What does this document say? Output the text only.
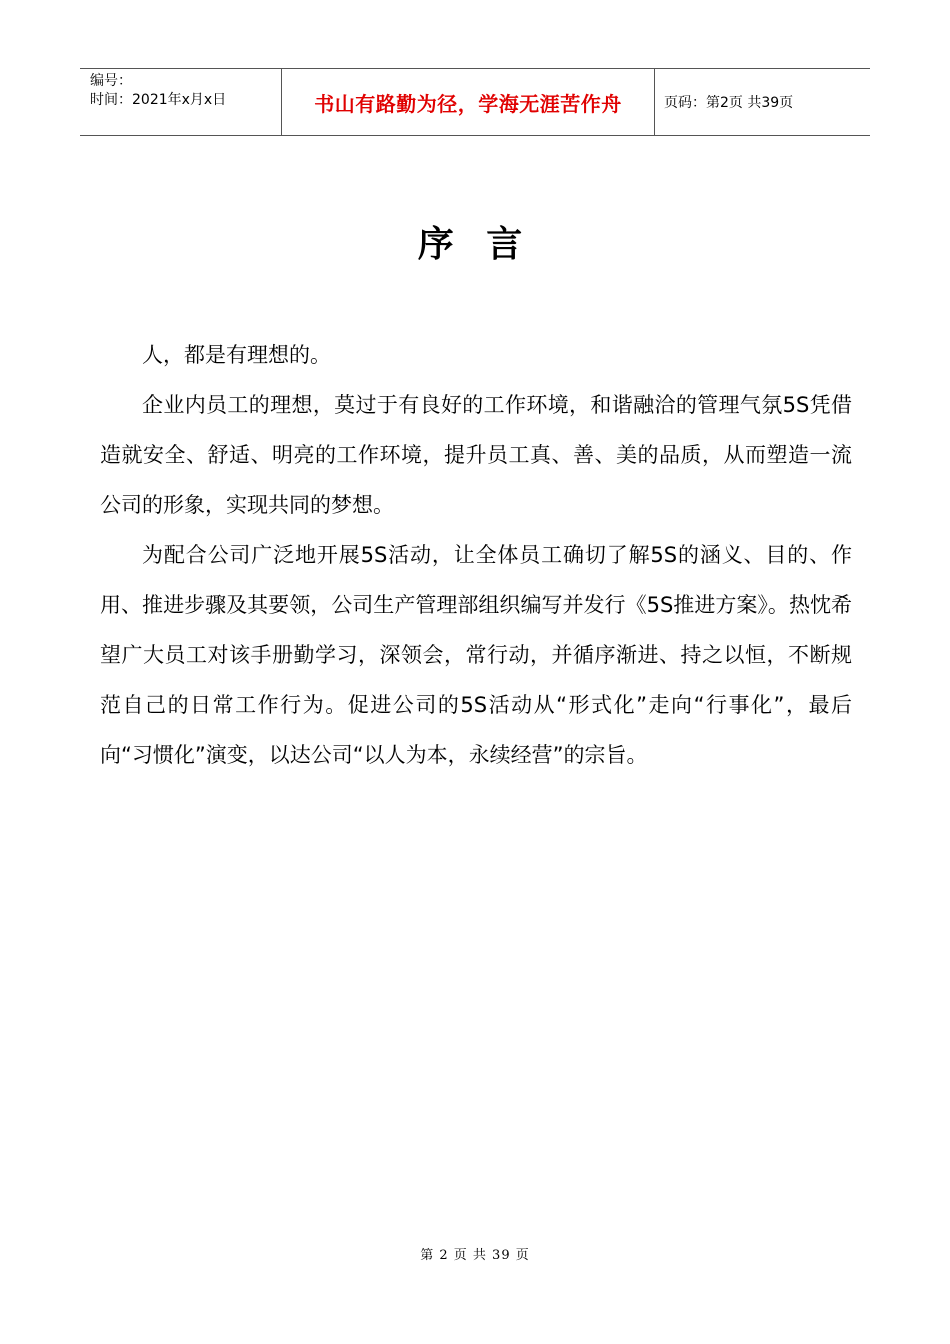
编号：
时间：2021年x月x日	书山有路勤为径，学海无涯苦作舟	页码：第2页 共39页
序 言

人，都是有理想的。

企业内员工的理想，莫过于有良好的工作环境，和谐融洽的管理气氛5S凭借造就安全、舒适、明亮的工作环境，提升员工真、善、美的品质，从而塑造一流公司的形象，实现共同的梦想。

为配合公司广泛地开展5S活动，让全体员工确切了解5S的涵义、目的、作用、推进步骤及其要领，公司生产管理部组织编写并发行《5S推进方案》。热忱希望广大员工对该手册勤学习，深领会，常行动，并循序渐进、持之以恒，不断规范自己的日常工作行为。促进公司的5S活动从“形式化”走向“行事化”，最后向“习惯化”演变，以达公司“以人为本，永续经营”的宗旨。

第 2 页 共 39 页
